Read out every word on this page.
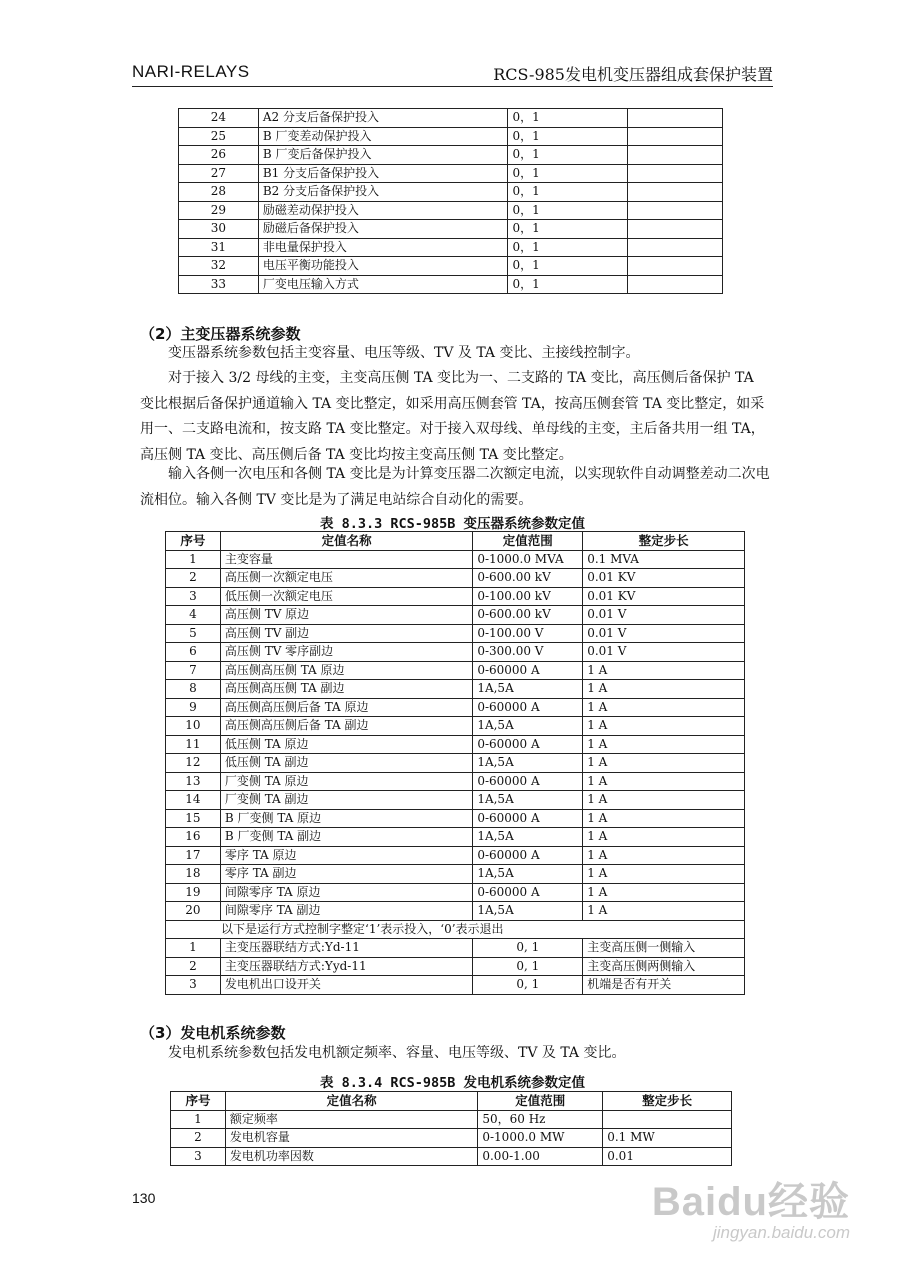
NARI-RELAYS	RCS-985发电机变压器组成套保护装置
24	A2 分支后备保护投入	0，1	
25	B 厂变差动保护投入	0，1	
26	B 厂变后备保护投入	0，1	
27	B1 分支后备保护投入	0，1	
28	B2 分支后备保护投入	0，1	
29	励磁差动保护投入	0，1	
30	励磁后备保护投入	0，1	
31	非电量保护投入	0，1	
32	电压平衡功能投入	0，1	
33	厂变电压输入方式	0，1	
（2）主变压器系统参数
变压器系统参数包括主变容量、电压等级、TV 及 TA 变比、主接线控制字。
对于接入 3/2 母线的主变，主变高压侧 TA 变比为一、二支路的 TA 变比，高压侧后备保护 TA 变比根据后备保护通道输入 TA 变比整定，如采用高压侧套管 TA，按高压侧套管 TA 变比整定，如采用一、二支路电流和，按支路 TA 变比整定。对于接入双母线、单母线的主变，主后备共用一组 TA，高压侧 TA 变比、高压侧后备 TA 变比均按主变高压侧 TA 变比整定。
输入各侧一次电压和各侧 TA 变比是为计算变压器二次额定电流，以实现软件自动调整差动二次电流相位。输入各侧 TV 变比是为了满足电站综合自动化的需要。
表 8.3.3 RCS-985B 变压器系统参数定值
序号	定值名称	定值范围	整定步长
1	主变容量	0-1000.0 MVA	0.1 MVA
2	高压侧一次额定电压	0-600.00 kV	0.01 KV
3	低压侧一次额定电压	0-100.00 kV	0.01 KV
4	高压侧 TV 原边	0-600.00 kV	0.01 V
5	高压侧 TV 副边	0-100.00 V	0.01 V
6	高压侧 TV 零序副边	0-300.00 V	0.01 V
7	高压侧高压侧 TA 原边	0-60000 A	1 A
8	高压侧高压侧 TA 副边	1A,5A	1 A
9	高压侧高压侧后备 TA 原边	0-60000 A	1 A
10	高压侧高压侧后备 TA 副边	1A,5A	1 A
11	低压侧 TA 原边	0-60000 A	1 A
12	低压侧 TA 副边	1A,5A	1 A
13	厂变侧 TA 原边	0-60000 A	1 A
14	厂变侧 TA 副边	1A,5A	1 A
15	B 厂变侧 TA 原边	0-60000 A	1 A
16	B 厂变侧 TA 副边	1A,5A	1 A
17	零序 TA 原边	0-60000 A	1 A
18	零序 TA 副边	1A,5A	1 A
19	间隙零序 TA 原边	0-60000 A	1 A
20	间隙零序 TA 副边	1A,5A	1 A
以下是运行方式控制字整定‘1’表示投入，‘0’表示退出			
1	主变压器联结方式:Yd-11	0, 1	主变高压侧一侧输入
2	主变压器联结方式:Yyd-11	0, 1	主变高压侧两侧输入
3	发电机出口设开关	0, 1	机端是否有开关
（3）发电机系统参数
发电机系统参数包括发电机额定频率、容量、电压等级、TV 及 TA 变比。
表 8.3.4 RCS-985B 发电机系统参数定值
序号	定值名称	定值范围	整定步长
1	额定频率	50，60 Hz	
2	发电机容量	0-1000.0 MW	0.1 MW
3	发电机功率因数	0.00-1.00	0.01
130	Baidu经验
jingyan.baidu.com
